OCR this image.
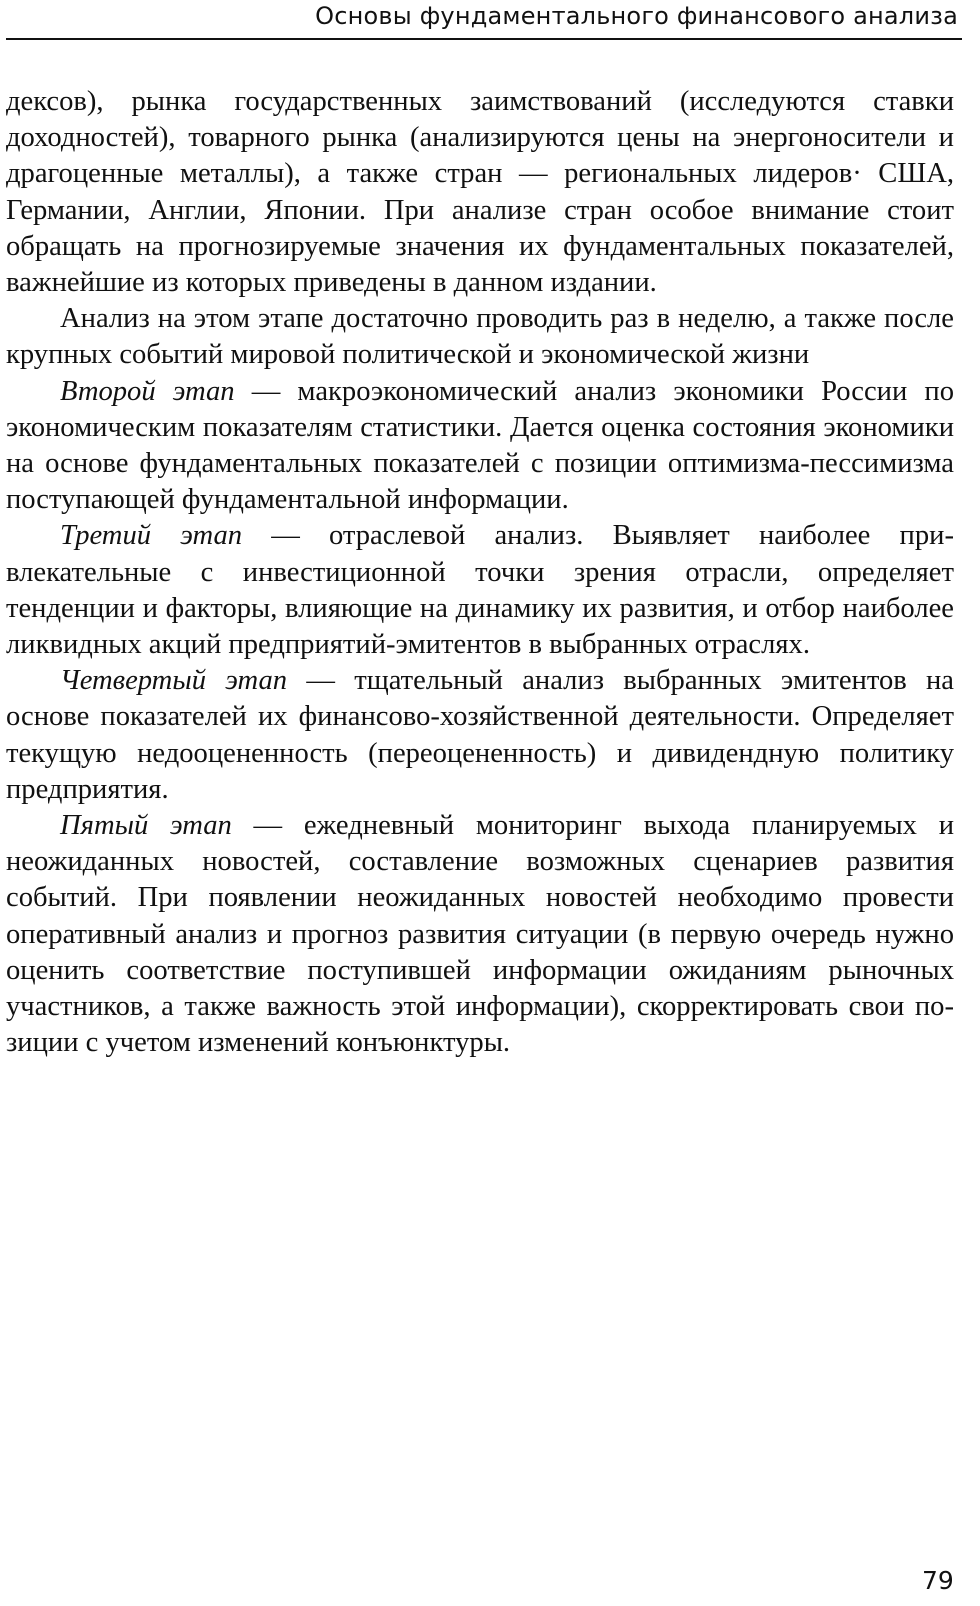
Основы фундаментального финансового анализа

дексов), рынка государственных заимствований (исследуются ставки доходностей), товарного рынка (анализируются цены на энергоносители и драгоценные металлы), а также стран — региональных лидеров· США, Германии, Англии, Японии. При анализе стран особое внимание стоит обращать на прогнозируемые значения их фундаментальных показателей, важнейшие из которых приведены в данном издании.

Анализ на этом этапе достаточно проводить раз в неделю, а также после крупных событий мировой политической и экономической жизни

Второй этап — макроэкономический анализ экономики России по экономическим показателям статистики. Дается оценка состояния экономики на основе фундаментальных показателей с позиции оптимизма-пессимизма поступающей фундаментальной информации.

Третий этап — отраслевой анализ. Выявляет наиболее привлекательные с инвестиционной точки зрения отрасли, определяет тенденции и факторы, влияющие на динамику их развития, и отбор наиболее ликвидных акций предприятий-эмитентов в выбранных отраслях.

Четвертый этап — тщательный анализ выбранных эмитентов на основе показателей их финансово-хозяйственной деятельности. Определяет текущую недооцененность (переоцененность) и дивидендную политику предприятия.

Пятый этап — ежедневный мониторинг выхода планируемых и неожиданных новостей, составление возможных сценариев развития событий. При появлении неожиданных новостей необходимо провести оперативный анализ и прогноз развития ситуации (в первую очередь нужно оценить соответствие поступившей информации ожиданиям рыночных участников, а также важность этой информации), скорректировать свои позиции с учетом изменений конъюнктуры.

79
